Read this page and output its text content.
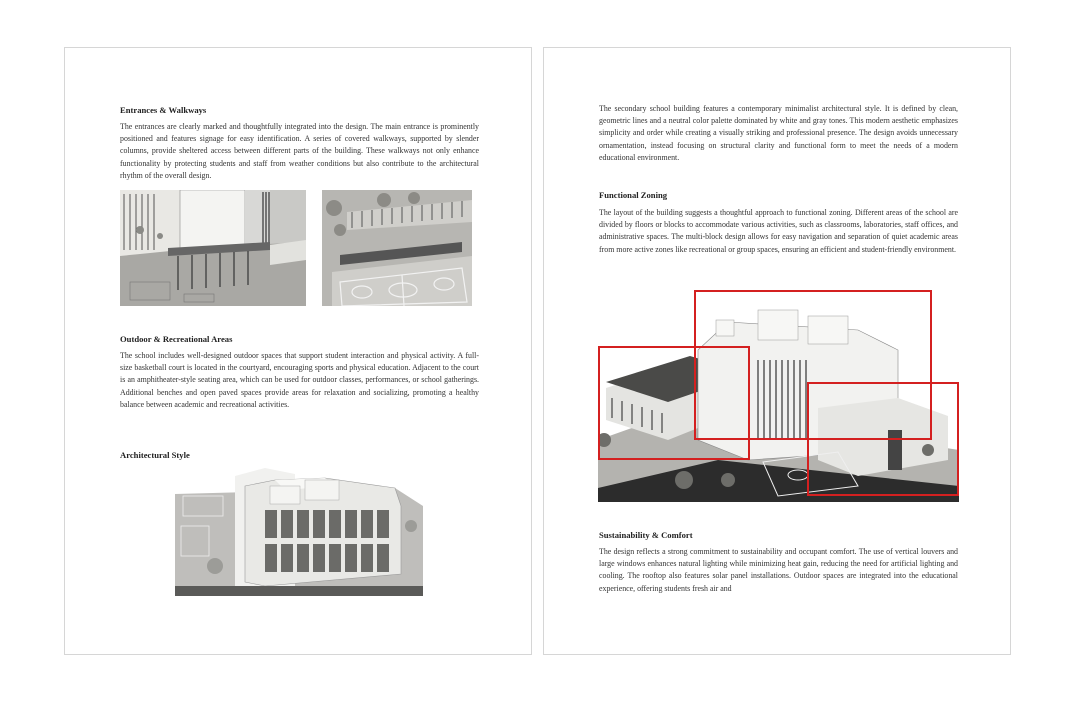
Entrances & Walkways

The entrances are clearly marked and thoughtfully integrated into the design. The main entrance is prominently positioned and features signage for easy identification. A series of covered walkways, supported by slender columns, provide sheltered access between different parts of the building. These walkways not only enhance functionality by protecting students and staff from weather conditions but also contribute to the architectural rhythm of the overall design.

Outdoor & Recreational Areas

The school includes well-designed outdoor spaces that support student interaction and physical activity. A full-size basketball court is located in the courtyard, encouraging sports and physical education. Adjacent to the court is an amphitheater-style seating area, which can be used for outdoor classes, performances, or school gatherings. Additional benches and open paved spaces provide areas for relaxation and socializing, promoting a healthy balance between academic and recreational activities.

Architectural Style

The secondary school building features a contemporary minimalist architectural style. It is defined by clean, geometric lines and a neutral color palette dominated by white and gray tones. This modern aesthetic emphasizes simplicity and order while creating a visually striking and professional presence. The design avoids unnecessary ornamentation, instead focusing on structural clarity and functional form to meet the needs of a modern educational environment.

Functional Zoning

The layout of the building suggests a thoughtful approach to functional zoning. Different areas of the school are divided by floors or blocks to accommodate various activities, such as classrooms, laboratories, staff offices, and administrative spaces. The multi-block design allows for easy navigation and separation of quiet academic areas from more active zones like recreational or group spaces, ensuring an efficient and student-friendly environment.

Sustainability & Comfort

The design reflects a strong commitment to sustainability and occupant comfort. The use of vertical louvers and large windows enhances natural lighting while minimizing heat gain, reducing the need for artificial lighting and cooling. The rooftop also features solar panel installations. Outdoor spaces are integrated into the educational experience, offering students fresh air and
